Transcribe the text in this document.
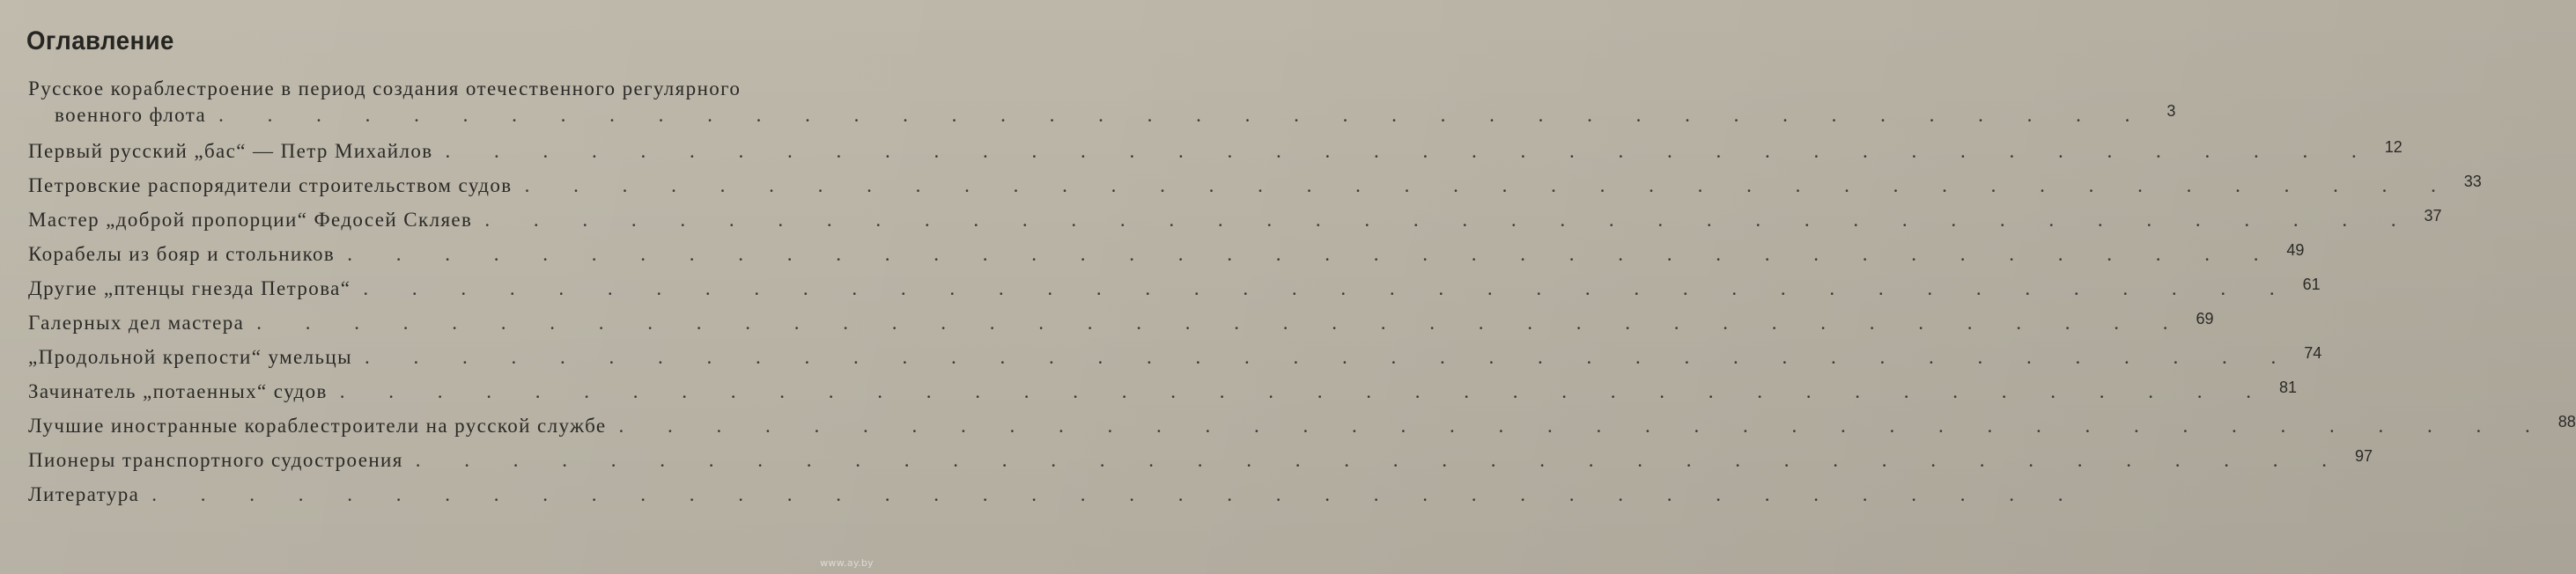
Оглавление
Русское кораблестроение в период создания отечественного регулярного
военного флота . . . . . . . . . . . . . . . . . . . . . . . . . . . . . . . . . . . . . . . .	3
Первый русский „бас“ — Петр Михайлов . . . . . . . . . . . . . . . . . . . . . . . . . . . . . . . . . . . . . . . . 12
Петровские распорядители строительством судов . . . . . . . . . . . . . . . . . . . . . . . . . . . . . . . . . . . . . . . . 33
Мастер „доброй пропорции“ Федосей Скляев . . . . . . . . . . . . . . . . . . . . . . . . . . . . . . . . . . . . . . . . 37
Корабелы из бояр и стольников . . . . . . . . . . . . . . . . . . . . . . . . . . . . . . . . . . . . . . . . 49
Другие „птенцы гнезда Петрова“ . . . . . . . . . . . . . . . . . . . . . . . . . . . . . . . . . . . . . . . . 61
Галерных дел мастера . . . . . . . . . . . . . . . . . . . . . . . . . . . . . . . . . . . . . . . . 69
„Продольной крепости“ умельцы . . . . . . . . . . . . . . . . . . . . . . . . . . . . . . . . . . . . . . . . 74
Зачинатель „потаенных“ судов . . . . . . . . . . . . . . . . . . . . . . . . . . . . . . . . . . . . . . . . 81
Лучшие иностранные кораблестроители на русской службе . . . . . . . . . . . . . . . . . . . . . . . . . . . . . . . . . . . . . . . . 88
Пионеры транспортного судостроения . . . . . . . . . . . . . . . . . . . . . . . . . . . . . . . . . . . . . . . . 97
Литература . . . . . . . . . . . . . . . . . . . . . . . . . . . . . . . . . . . . . . . .
www.ay.by
